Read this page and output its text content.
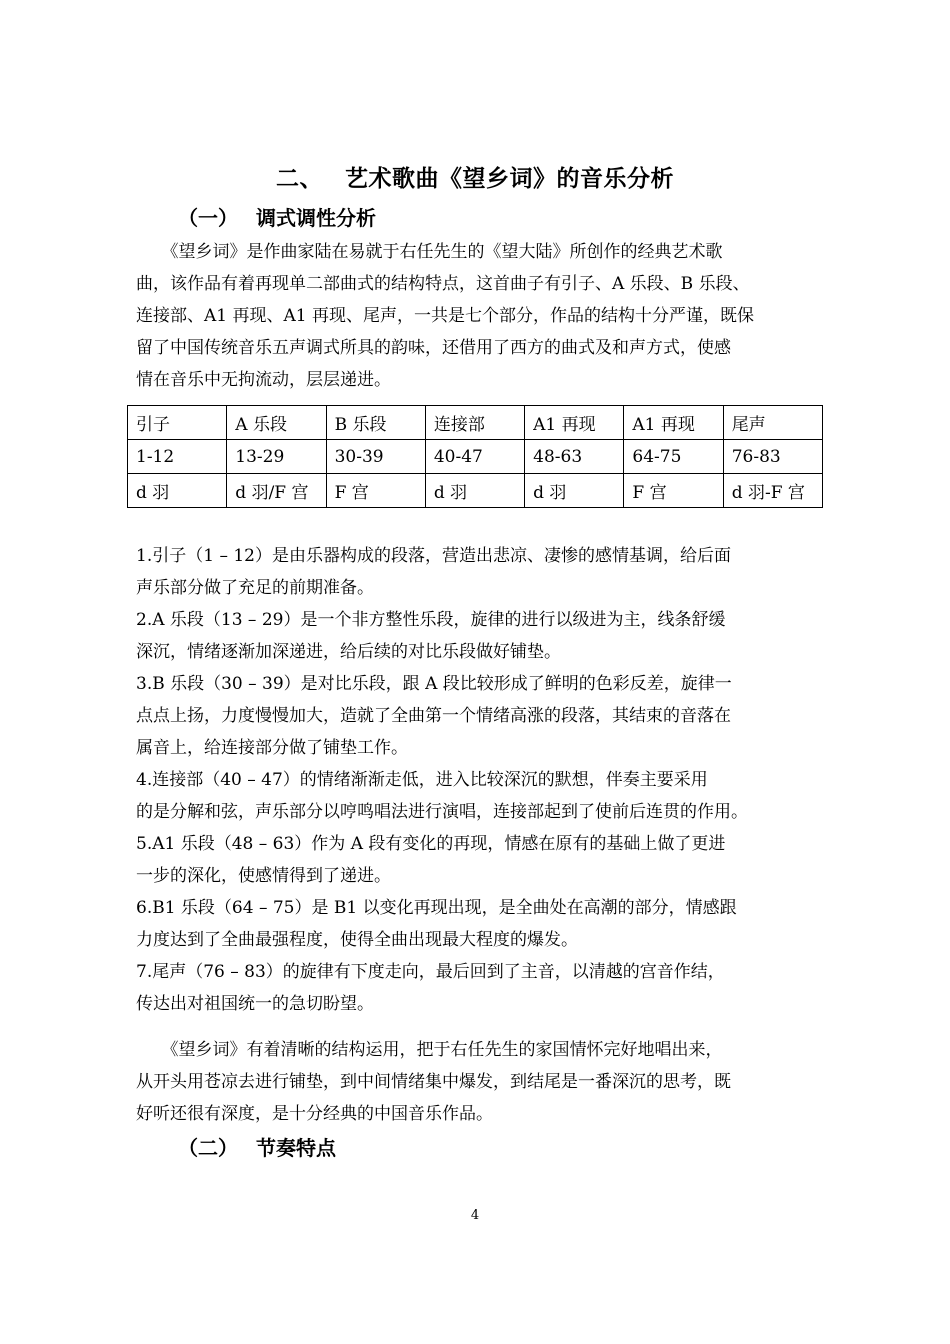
二、 艺术歌曲《望乡词》的音乐分析
（一） 调式调性分析
　　《望乡词》是作曲家陆在易就于右任先生的《望大陆》所创作的经典艺术歌
曲，该作品有着再现单二部曲式的结构特点，这首曲子有引子、A 乐段、B 乐段、
连接部、A1 再现、A1 再现、尾声，一共是七个部分，作品的结构十分严谨，既保
留了中国传统音乐五声调式所具的韵味，还借用了西方的曲式及和声方式，使感
情在音乐中无拘流动，层层递进。
引子	A 乐段	B 乐段	连接部	A1 再现	A1 再现	尾声
1-12	13-29	30-39	40-47	48-63	64-75	76-83
d 羽	d 羽/F 宫	F 宫	d 羽	d 羽	F 宫	d 羽-F 宫
1.引子（1 – 12）是由乐器构成的段落，营造出悲凉、凄惨的感情基调，给后面
声乐部分做了充足的前期准备。
2.A 乐段（13 – 29）是一个非方整性乐段，旋律的进行以级进为主，线条舒缓
深沉，情绪逐渐加深递进，给后续的对比乐段做好铺垫。
3.B 乐段（30 – 39）是对比乐段，跟 A 段比较形成了鲜明的色彩反差，旋律一
点点上扬，力度慢慢加大，造就了全曲第一个情绪高涨的段落，其结束的音落在
属音上，给连接部分做了铺垫工作。
4.连接部（40 – 47）的情绪渐渐走低，进入比较深沉的默想，伴奏主要采用
的是分解和弦，声乐部分以哼鸣唱法进行演唱，连接部起到了使前后连贯的作用。
5.A1 乐段（48 – 63）作为 A 段有变化的再现，情感在原有的基础上做了更进
一步的深化，使感情得到了递进。
6.B1 乐段（64 – 75）是 B1 以变化再现出现，是全曲处在高潮的部分，情感跟
力度达到了全曲最强程度，使得全曲出现最大程度的爆发。
7.尾声（76 – 83）的旋律有下度走向，最后回到了主音，以清越的宫音作结，
传达出对祖国统一的急切盼望。
　　《望乡词》有着清晰的结构运用，把于右任先生的家国情怀完好地唱出来，
从开头用苍凉去进行铺垫，到中间情绪集中爆发，到结尾是一番深沉的思考，既
好听还很有深度，是十分经典的中国音乐作品。
（二） 节奏特点
4
